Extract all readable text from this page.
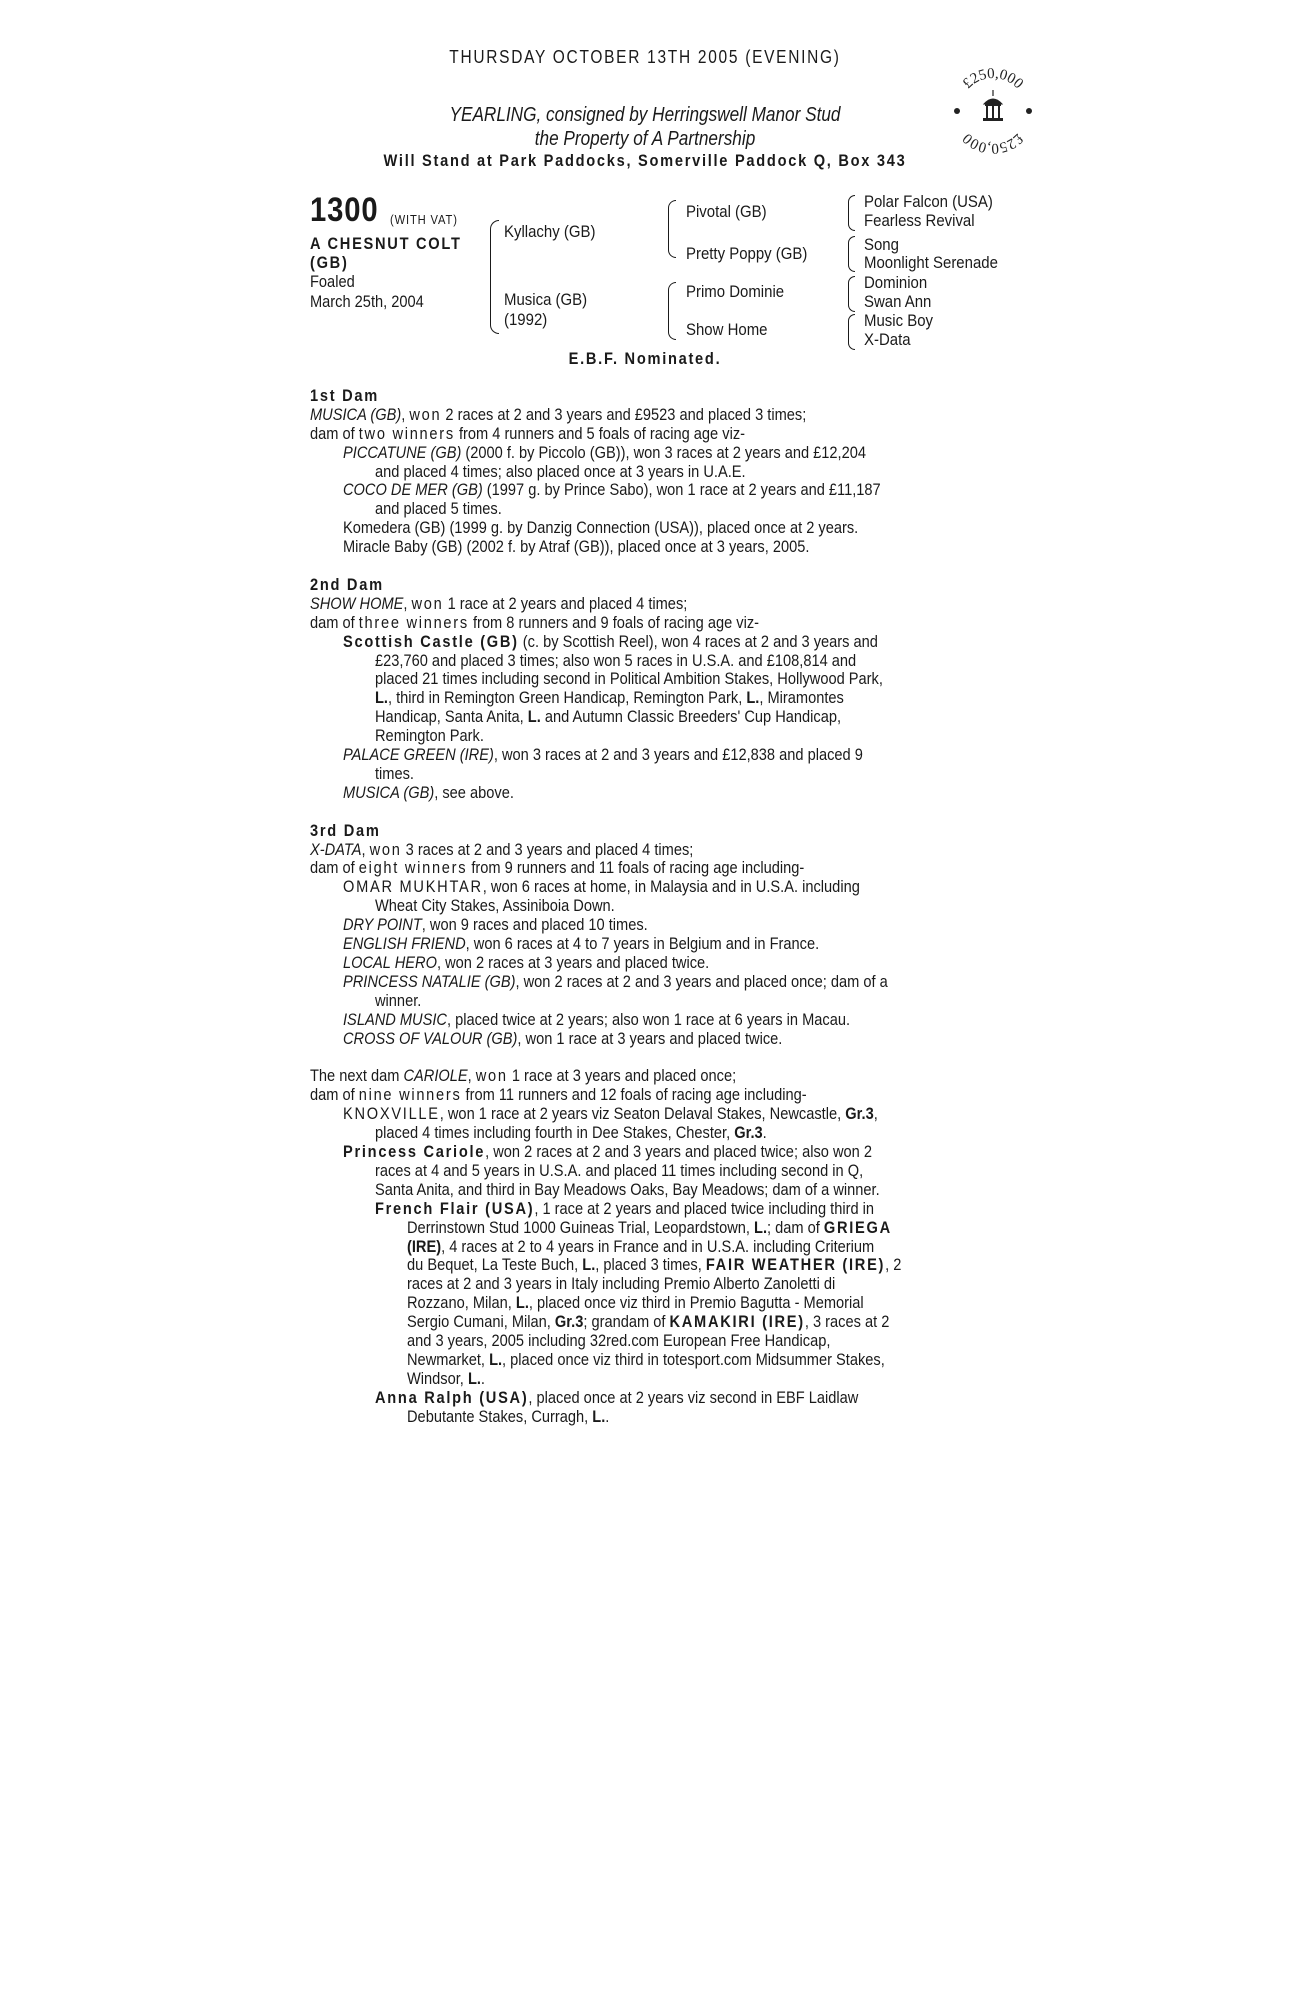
THURSDAY OCTOBER 13TH 2005 (EVENING)
YEARLING, consigned by Herringswell Manor Stud
the Property of A Partnership
Will Stand at Park Paddocks, Somerville Paddock Q, Box 343
£250,000
£250,000
1300 (WITH VAT)
A CHESNUT COLT
(GB)
Foaled
March 25th, 2004
Kyllachy (GB)
Musica (GB)
(1992)
Pivotal (GB)
Pretty Poppy (GB)
Primo Dominie
Show Home
Polar Falcon (USA)
Fearless Revival
Song
Moonlight Serenade
Dominion
Swan Ann
Music Boy
X-Data
E.B.F. Nominated.
1st Dam
MUSICA (GB), won 2 races at 2 and 3 years and £9523 and placed 3 times;
dam of two winners from 4 runners and 5 foals of racing age viz-
PICCATUNE (GB) (2000 f. by Piccolo (GB)), won 3 races at 2 years and £12,204
and placed 4 times; also placed once at 3 years in U.A.E.
COCO DE MER (GB) (1997 g. by Prince Sabo), won 1 race at 2 years and £11,187
and placed 5 times.
Komedera (GB) (1999 g. by Danzig Connection (USA)), placed once at 2 years.
Miracle Baby (GB) (2002 f. by Atraf (GB)), placed once at 3 years, 2005.
2nd Dam
SHOW HOME, won 1 race at 2 years and placed 4 times;
dam of three winners from 8 runners and 9 foals of racing age viz-
Scottish Castle (GB) (c. by Scottish Reel), won 4 races at 2 and 3 years and
£23,760 and placed 3 times; also won 5 races in U.S.A. and £108,814 and
placed 21 times including second in Political Ambition Stakes, Hollywood Park,
L., third in Remington Green Handicap, Remington Park, L., Miramontes
Handicap, Santa Anita, L. and Autumn Classic Breeders' Cup Handicap,
Remington Park.
PALACE GREEN (IRE), won 3 races at 2 and 3 years and £12,838 and placed 9
times.
MUSICA (GB), see above.
3rd Dam
X-DATA, won 3 races at 2 and 3 years and placed 4 times;
dam of eight winners from 9 runners and 11 foals of racing age including-
OMAR MUKHTAR, won 6 races at home, in Malaysia and in U.S.A. including
Wheat City Stakes, Assiniboia Down.
DRY POINT, won 9 races and placed 10 times.
ENGLISH FRIEND, won 6 races at 4 to 7 years in Belgium and in France.
LOCAL HERO, won 2 races at 3 years and placed twice.
PRINCESS NATALIE (GB), won 2 races at 2 and 3 years and placed once; dam of a
winner.
ISLAND MUSIC, placed twice at 2 years; also won 1 race at 6 years in Macau.
CROSS OF VALOUR (GB), won 1 race at 3 years and placed twice.
The next dam CARIOLE, won 1 race at 3 years and placed once;
dam of nine winners from 11 runners and 12 foals of racing age including-
KNOXVILLE, won 1 race at 2 years viz Seaton Delaval Stakes, Newcastle, Gr.3,
placed 4 times including fourth in Dee Stakes, Chester, Gr.3.
Princess Cariole, won 2 races at 2 and 3 years and placed twice; also won 2
races at 4 and 5 years in U.S.A. and placed 11 times including second in Q,
Santa Anita, and third in Bay Meadows Oaks, Bay Meadows; dam of a winner.
French Flair (USA), 1 race at 2 years and placed twice including third in
Derrinstown Stud 1000 Guineas Trial, Leopardstown, L.; dam of GRIEGA
(IRE), 4 races at 2 to 4 years in France and in U.S.A. including Criterium
du Bequet, La Teste Buch, L., placed 3 times, FAIR WEATHER (IRE), 2
races at 2 and 3 years in Italy including Premio Alberto Zanoletti di
Rozzano, Milan, L., placed once viz third in Premio Bagutta - Memorial
Sergio Cumani, Milan, Gr.3; grandam of KAMAKIRI (IRE), 3 races at 2
and 3 years, 2005 including 32red.com European Free Handicap,
Newmarket, L., placed once viz third in totesport.com Midsummer Stakes,
Windsor, L..
Anna Ralph (USA), placed once at 2 years viz second in EBF Laidlaw
Debutante Stakes, Curragh, L..
